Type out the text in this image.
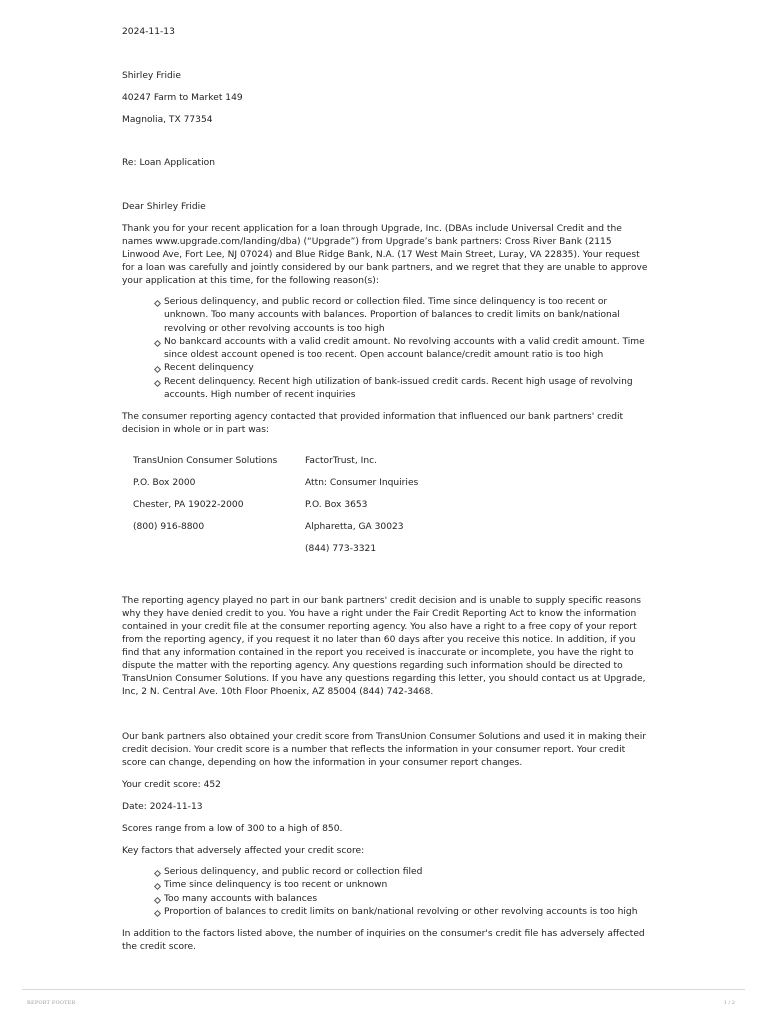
2024-11-13
Shirley Fridie
40247 Farm to Market 149
Magnolia, TX 77354
Re: Loan Application
Dear Shirley Fridie
Thank you for your recent application for a loan through Upgrade, Inc. (DBAs include Universal Credit and the names www.upgrade.com/landing/dba) (“Upgrade”) from Upgrade’s bank partners: Cross River Bank (2115 Linwood Ave, Fort Lee, NJ 07024) and Blue Ridge Bank, N.A. (17 West Main Street, Luray, VA 22835). Your request for a loan was carefully and jointly considered by our bank partners, and we regret that they are unable to approve your application at this time, for the following reason(s):
Serious delinquency, and public record or collection filed. Time since delinquency is too recent or unknown. Too many accounts with balances. Proportion of balances to credit limits on bank/national revolving or other revolving accounts is too high
No bankcard accounts with a valid credit amount. No revolving accounts with a valid credit amount. Time since oldest account opened is too recent. Open account balance/credit amount ratio is too high
Recent delinquency
Recent delinquency. Recent high utilization of bank-issued credit cards. Recent high usage of revolving accounts. High number of recent inquiries
The consumer reporting agency contacted that provided information that influenced our bank partners' credit decision in whole or in part was:
TransUnion Consumer Solutions
P.O. Box 2000
Chester, PA 19022-2000
(800) 916-8800
FactorTrust, Inc.
Attn: Consumer Inquiries
P.O. Box 3653
Alpharetta, GA 30023
(844) 773-3321
The reporting agency played no part in our bank partners' credit decision and is unable to supply specific reasons why they have denied credit to you. You have a right under the Fair Credit Reporting Act to know the information contained in your credit file at the consumer reporting agency. You also have a right to a free copy of your report from the reporting agency, if you request it no later than 60 days after you receive this notice. In addition, if you find that any information contained in the report you received is inaccurate or incomplete, you have the right to dispute the matter with the reporting agency. Any questions regarding such information should be directed to TransUnion Consumer Solutions. If you have any questions regarding this letter, you should contact us at Upgrade, Inc, 2 N. Central Ave. 10th Floor Phoenix, AZ 85004 (844) 742-3468.
Our bank partners also obtained your credit score from TransUnion Consumer Solutions and used it in making their credit decision. Your credit score is a number that reflects the information in your consumer report. Your credit score can change, depending on how the information in your consumer report changes.
Your credit score: 452
Date: 2024-11-13
Scores range from a low of 300 to a high of 850.
Key factors that adversely affected your credit score:
Serious delinquency, and public record or collection filed
Time since delinquency is too recent or unknown
Too many accounts with balances
Proportion of balances to credit limits on bank/national revolving or other revolving accounts is too high
In addition to the factors listed above, the number of inquiries on the consumer's credit file has adversely affected the credit score.
REPORT FOOTER	1 / 2
